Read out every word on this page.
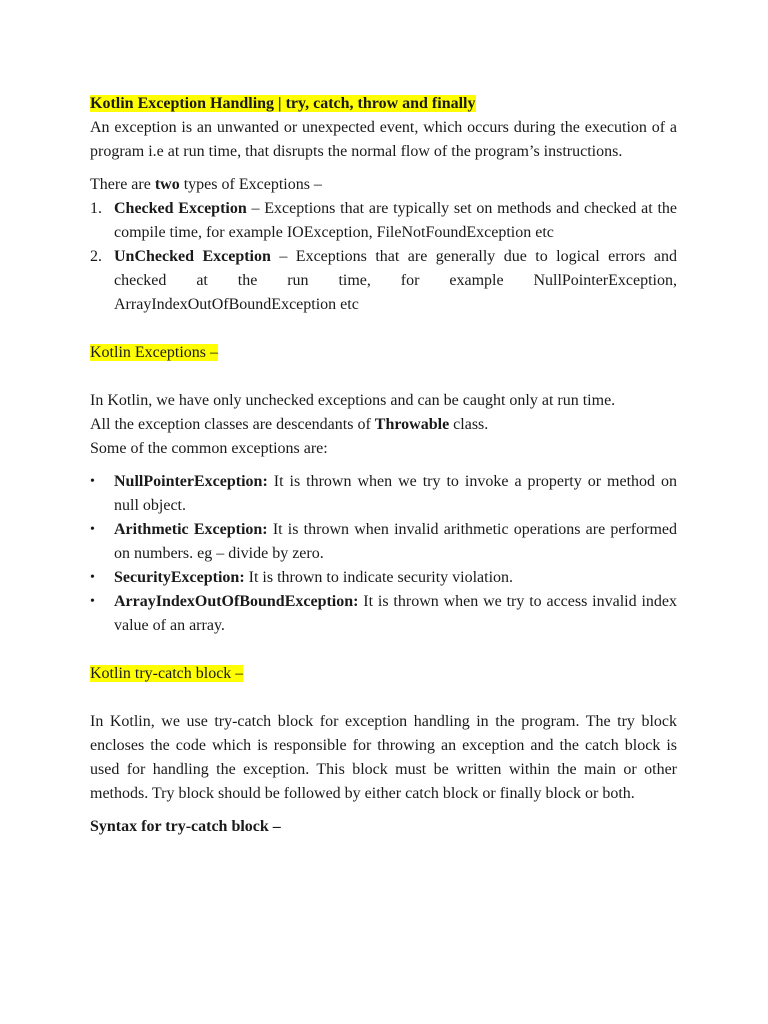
Kotlin Exception Handling | try, catch, throw and finally

An exception is an unwanted or unexpected event, which occurs during the execution of a program i.e at run time, that disrupts the normal flow of the program’s instructions.

There are two types of Exceptions –

1. Checked Exception – Exceptions that are typically set on methods and checked at the compile time, for example IOException, FileNotFoundException etc
2. UnChecked Exception – Exceptions that are generally due to logical errors and checked at the run time, for example NullPointerException, ArrayIndexOutOfBoundException etc

Kotlin Exceptions –

In Kotlin, we have only unchecked exceptions and can be caught only at run time.

All the exception classes are descendants of Throwable class.

Some of the common exceptions are:

• NullPointerException: It is thrown when we try to invoke a property or method on null object.
• Arithmetic Exception: It is thrown when invalid arithmetic operations are performed on numbers. eg – divide by zero.
• SecurityException: It is thrown to indicate security violation.
• ArrayIndexOutOfBoundException: It is thrown when we try to access invalid index value of an array.

Kotlin try-catch block –

In Kotlin, we use try-catch block for exception handling in the program. The try block encloses the code which is responsible for throwing an exception and the catch block is used for handling the exception. This block must be written within the main or other methods. Try block should be followed by either catch block or finally block or both.

Syntax for try-catch block –
